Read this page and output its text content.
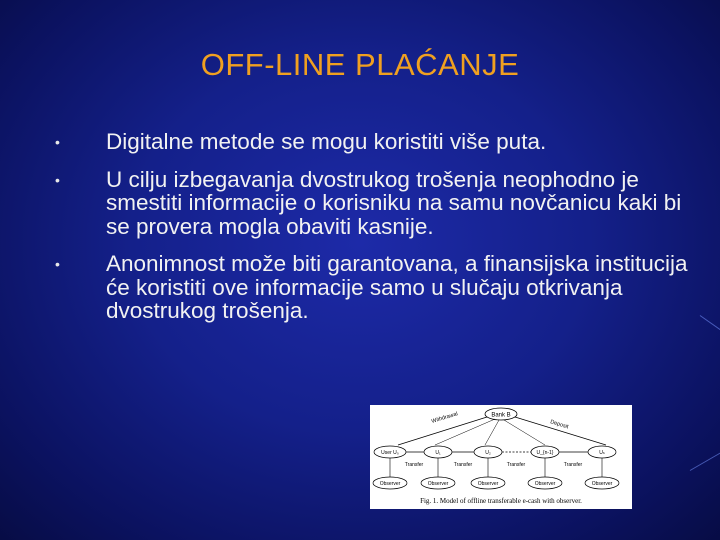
OFF-LINE PLAĆANJE
• Digitalne metode se mogu koristiti više puta.
• U cilju izbegavanja dvostrukog trošenja neophodno je smestiti informacije o korisniku na samu novčanicu kaki bi se provera mogla obaviti kasnije.
• Anonimnost može biti garantovana, a finansijska institucija će koristiti ove informacije samo u slučaju otkrivanja dvostrukog trošenja.
Bank B
Withdrawal	Deposit
User U₀	U₁	U₂	U_{n-1}	Uₙ
Transfer	Transfer	Transfer	Transfer
Observer	Observer	Observer	Observer	Observer
Fig. 1. Model of offline transferable e-cash with observer.
